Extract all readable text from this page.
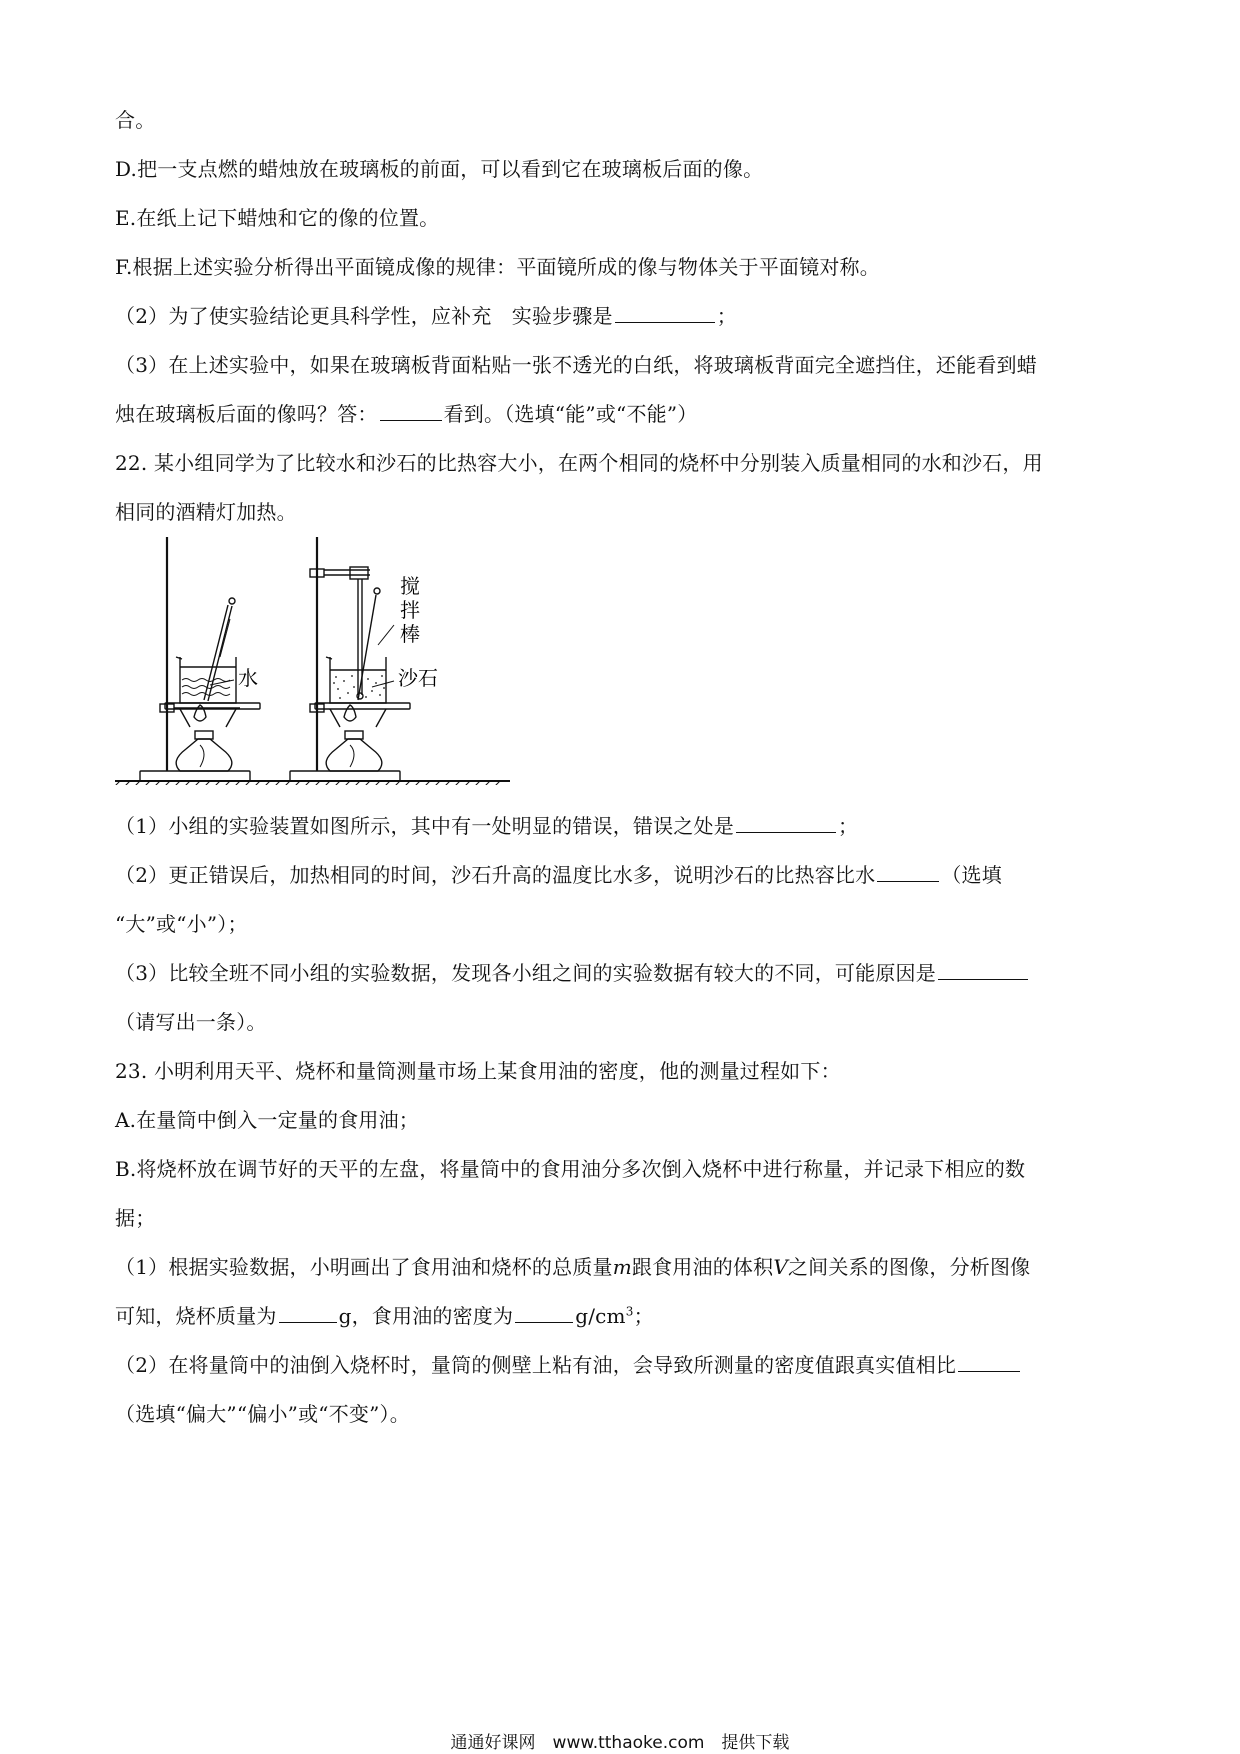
合。
D.把一支点燃的蜡烛放在玻璃板的前面，可以看到它在玻璃板后面的像。
E.在纸上记下蜡烛和它的像的位置。
F.根据上述实验分析得出平面镜成像的规律：平面镜所成的像与物体关于平面镜对称。
（2）为了使实验结论更具科学性，应补充　实验步骤是	；
（3）在上述实验中，如果在玻璃板背面粘贴一张不透光的白纸，将玻璃板背面完全遮挡住，还能看到蜡
烛在玻璃板后面的像吗？答：	看到。（选填“能”或“不能”）
22. 某小组同学为了比较水和沙石的比热容大小，在两个相同的烧杯中分别装入质量相同的水和沙石，用
相同的酒精灯加热。
水
搅
拌
棒
沙石
（1）小组的实验装置如图所示，其中有一处明显的错误，错误之处是	；
（2）更正错误后，加热相同的时间，沙石升高的温度比水多，说明沙石的比热容比水	（选填
“大”或“小”）；
（3）比较全班不同小组的实验数据，发现各小组之间的实验数据有较大的不同，可能原因是
（请写出一条）。
23. 小明利用天平、烧杯和量筒测量市场上某食用油的密度，他的测量过程如下：
A.在量筒中倒入一定量的食用油；
B.将烧杯放在调节好的天平的左盘，将量筒中的食用油分多次倒入烧杯中进行称量，并记录下相应的数
据；
（1）根据实验数据，小明画出了食用油和烧杯的总质量m跟食用油的体积V之间关系的图像，分析图像
可知，烧杯质量为	g，食用油的密度为	$g/cm^3$；
（2）在将量筒中的油倒入烧杯时，量筒的侧壁上粘有油，会导致所测量的密度值跟真实值相比
（选填“偏大”“偏小”或“不变”）。
通通好课网　www.tthaoke.com　提供下载
